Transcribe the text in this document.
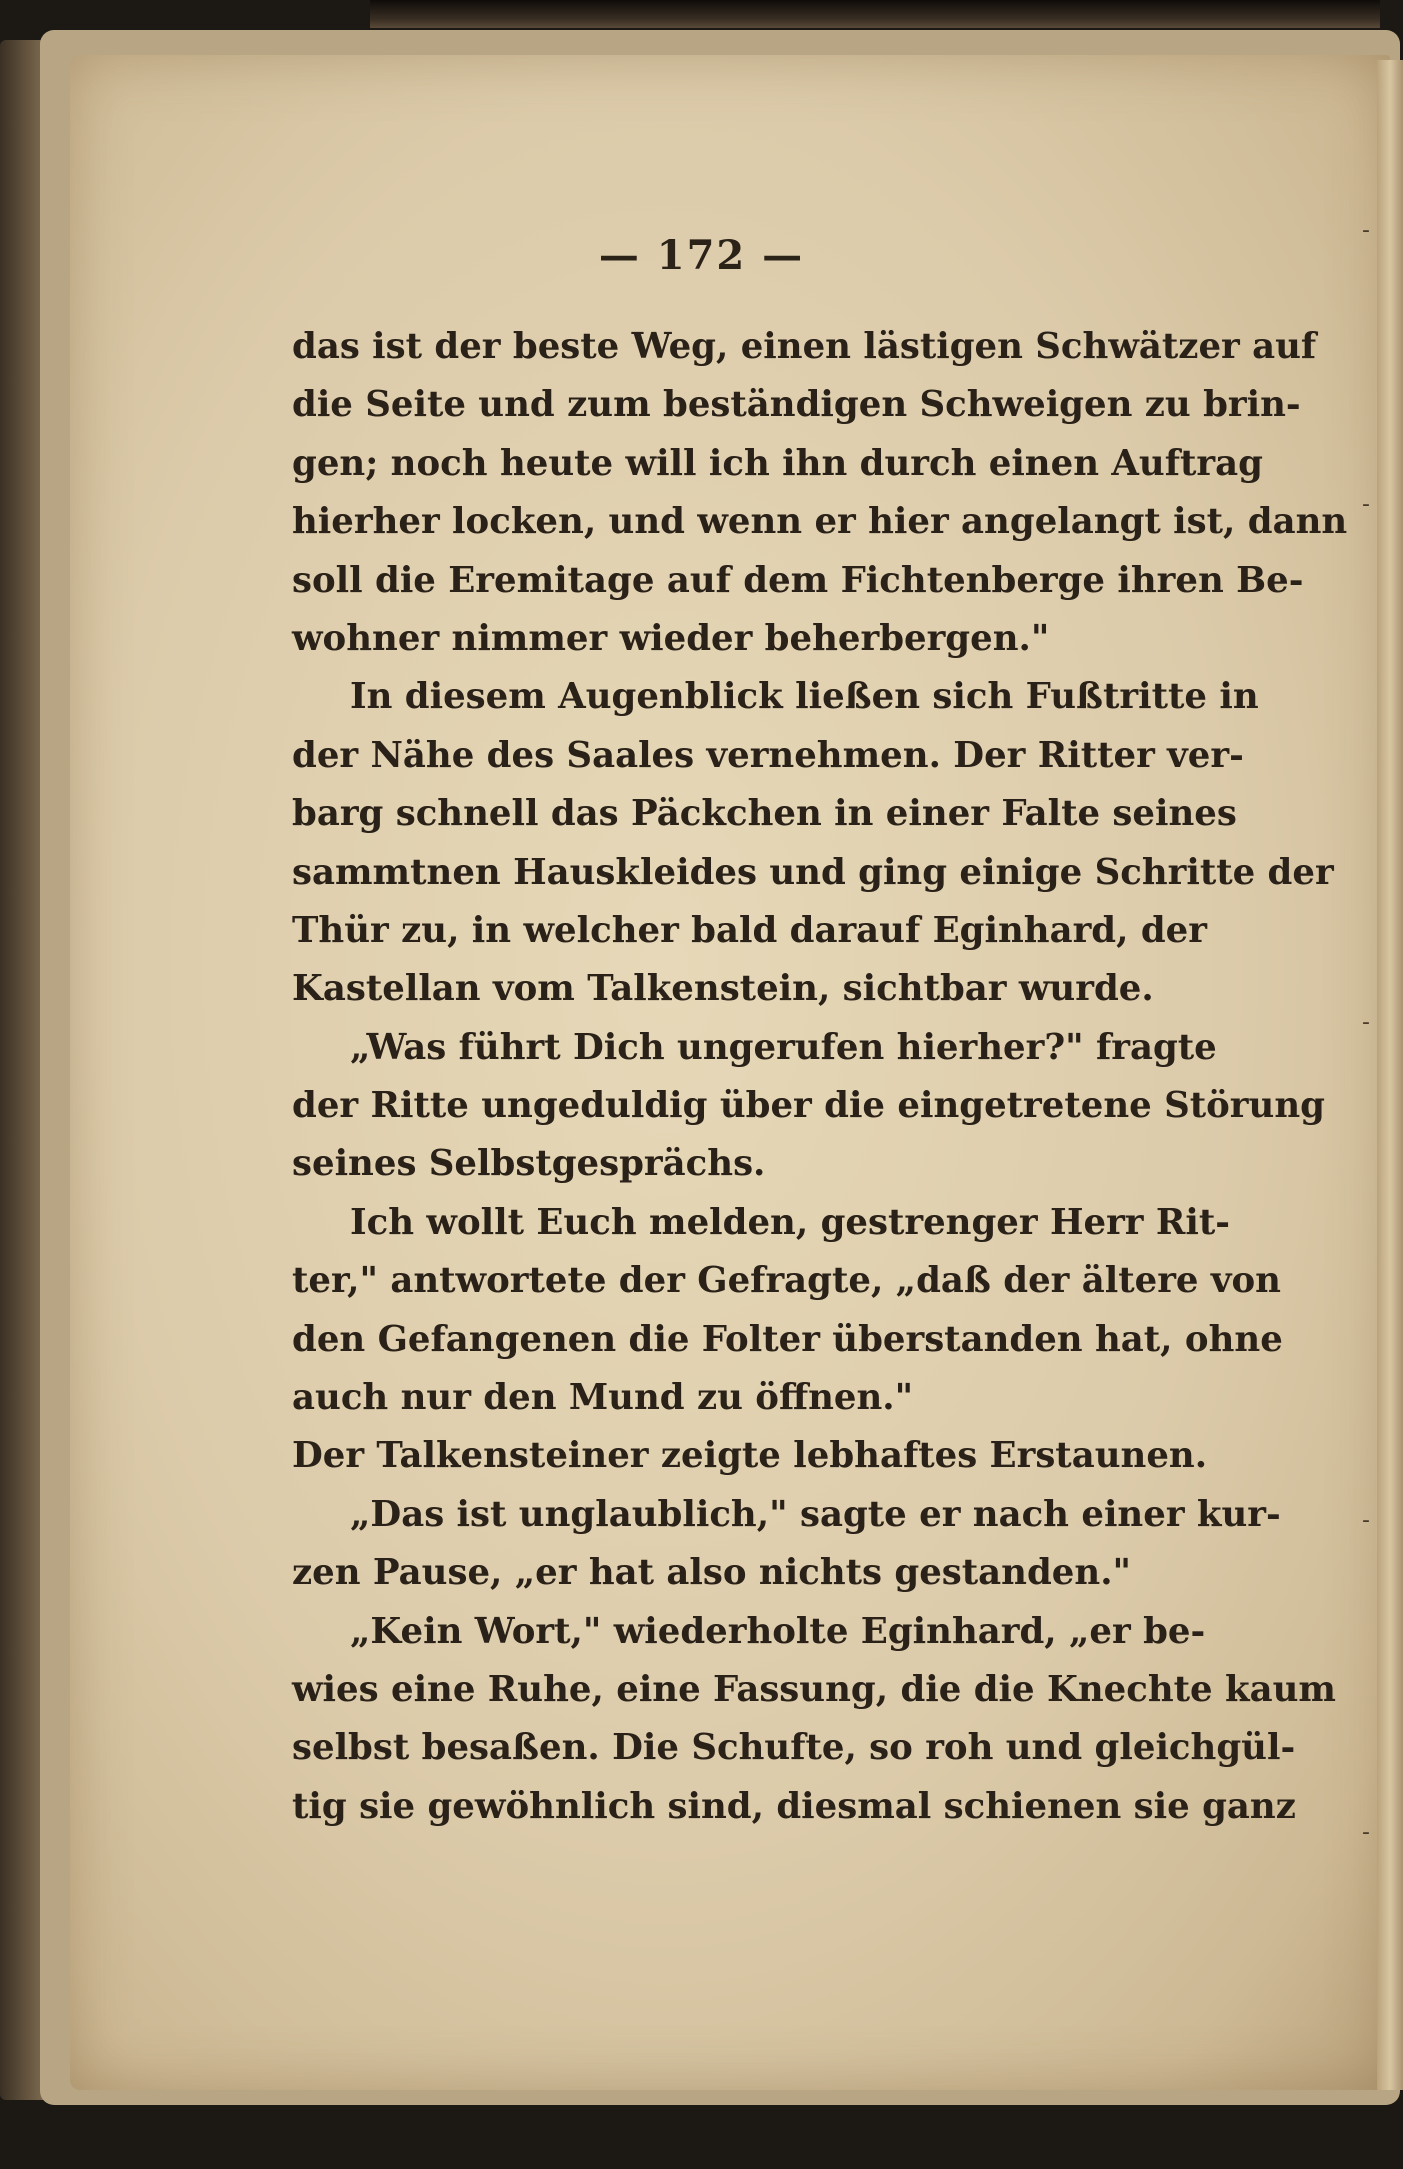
-
-
-
-
-
— 172 —
das ist der beste Weg, einen lästigen Schwätzer auf
die Seite und zum beständigen Schweigen zu brin-
gen; noch heute will ich ihn durch einen Auftrag
hierher locken, und wenn er hier angelangt ist, dann
soll die Eremitage auf dem Fichtenberge ihren Be-
wohner nimmer wieder beherbergen."
In diesem Augenblick ließen sich Fußtritte in
der Nähe des Saales vernehmen. Der Ritter ver-
barg schnell das Päckchen in einer Falte seines
sammtnen Hauskleides und ging einige Schritte der
Thür zu, in welcher bald darauf Eginhard, der
Kastellan vom Talkenstein, sichtbar wurde.
„Was führt Dich ungerufen hierher?" fragte
der Ritte ungeduldig über die eingetretene Störung
seines Selbstgesprächs.
Ich wollt Euch melden, gestrenger Herr Rit-
ter," antwortete der Gefragte, „daß der ältere von
den Gefangenen die Folter überstanden hat, ohne
auch nur den Mund zu öffnen."
Der Talkensteiner zeigte lebhaftes Erstaunen.
„Das ist unglaublich," sagte er nach einer kur-
zen Pause, „er hat also nichts gestanden."
„Kein Wort," wiederholte Eginhard, „er be-
wies eine Ruhe, eine Fassung, die die Knechte kaum
selbst besaßen. Die Schufte, so roh und gleichgül-
tig sie gewöhnlich sind, diesmal schienen sie ganz
